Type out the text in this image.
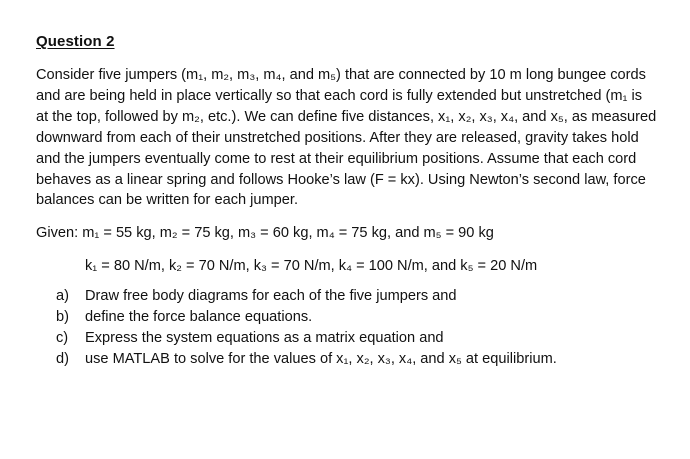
Question 2

Consider five jumpers (m₁, m₂, m₃, m₄, and m₅) that are connected by 10 m long bungee cords

and are being held in place vertically so that each cord is fully extended but unstretched (m₁ is

at the top, followed by m₂, etc.). We can define five distances, x₁, x₂, x₃, x₄, and x₅, as measured

downward from each of their unstretched positions. After they are released, gravity takes hold

and the jumpers eventually come to rest at their equilibrium positions. Assume that each cord

behaves as a linear spring and follows Hooke’s law (F = kx). Using Newton’s second law, force

balances can be written for each jumper.

Given: m₁ = 55 kg, m₂ = 75 kg, m₃ = 60 kg, m₄ = 75 kg, and m₅ = 90 kg
k₁ = 80 N/m, k₂ = 70 N/m, k₃ = 70 N/m, k₄ = 100 N/m, and k₅ = 20 N/m
a)	Draw free body diagrams for each of the five jumpers and
b)	define the force balance equations.
c)	Express the system equations as a matrix equation and
d)	use MATLAB to solve for the values of x₁, x₂, x₃, x₄, and x₅ at equilibrium.
